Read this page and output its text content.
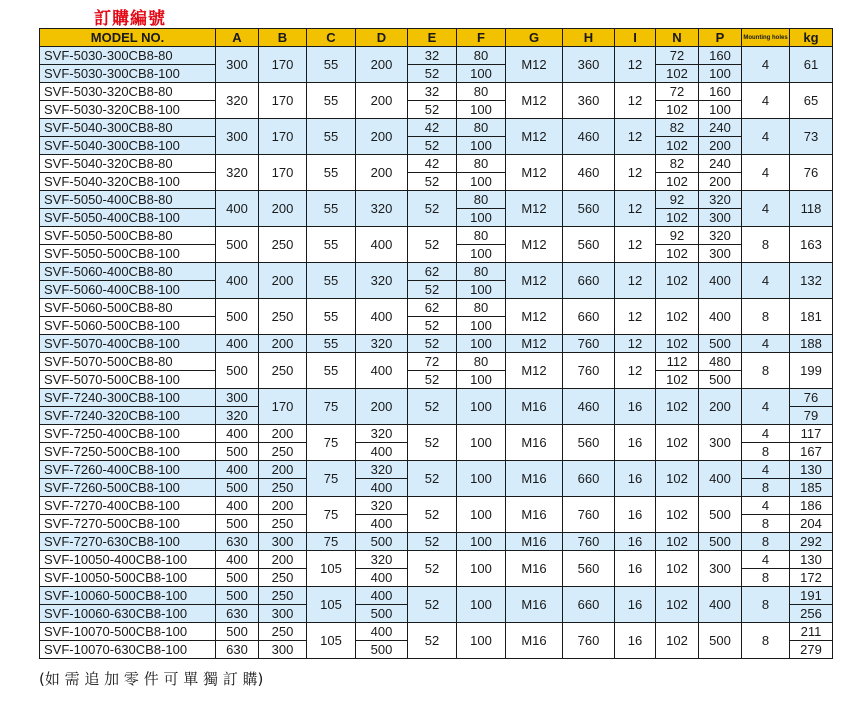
訂購編號
MODEL NO.	A	B	C	D	E	F	G	H	I	N	P	Mounting holes	kg
SVF-5030-300CB8-80	300	170	55	200	32	80	M12	360	12	72	160	4	61
SVF-5030-300CB8-100					52	100				102	100		
SVF-5030-320CB8-80	320	170	55	200	32	80	M12	360	12	72	160	4	65
SVF-5030-320CB8-100					52	100				102	100		
SVF-5040-300CB8-80	300	170	55	200	42	80	M12	460	12	82	240	4	73
SVF-5040-300CB8-100					52	100				102	200		
SVF-5040-320CB8-80	320	170	55	200	42	80	M12	460	12	82	240	4	76
SVF-5040-320CB8-100					52	100				102	200		
SVF-5050-400CB8-80	400	200	55	320	52	80	M12	560	12	92	320	4	118
SVF-5050-400CB8-100						100				102	300		
SVF-5050-500CB8-80	500	250	55	400	52	80	M12	560	12	92	320	8	163
SVF-5050-500CB8-100						100				102	300		
SVF-5060-400CB8-80	400	200	55	320	62	80	M12	660	12	102	400	4	132
SVF-5060-400CB8-100					52	100							
SVF-5060-500CB8-80	500	250	55	400	62	80	M12	660	12	102	400	8	181
SVF-5060-500CB8-100					52	100							
SVF-5070-400CB8-100	400	200	55	320	52	100	M12	760	12	102	500	4	188
SVF-5070-500CB8-80	500	250	55	400	72	80	M12	760	12	112	480	8	199
SVF-5070-500CB8-100					52	100				102	500		
SVF-7240-300CB8-100	300	170	75	200	52	100	M16	460	16	102	200	4	76
SVF-7240-320CB8-100	320												79
SVF-7250-400CB8-100	400	200	75	320	52	100	M16	560	16	102	300	4	117
SVF-7250-500CB8-100	500	250		400								8	167
SVF-7260-400CB8-100	400	200	75	320	52	100	M16	660	16	102	400	4	130
SVF-7260-500CB8-100	500	250		400								8	185
SVF-7270-400CB8-100	400	200	75	320	52	100	M16	760	16	102	500	4	186
SVF-7270-500CB8-100	500	250		400								8	204
SVF-7270-630CB8-100	630	300	75	500	52	100	M16	760	16	102	500	8	292
SVF-10050-400CB8-100	400	200	105	320	52	100	M16	560	16	102	300	4	130
SVF-10050-500CB8-100	500	250		400								8	172
SVF-10060-500CB8-100	500	250	105	400	52	100	M16	660	16	102	400	8	191
SVF-10060-630CB8-100	630	300		500									256
SVF-10070-500CB8-100	500	250	105	400	52	100	M16	760	16	102	500	8	211
SVF-10070-630CB8-100	630	300		500									279
(如 需 追 加 零 件 可 單 獨 訂 購)
